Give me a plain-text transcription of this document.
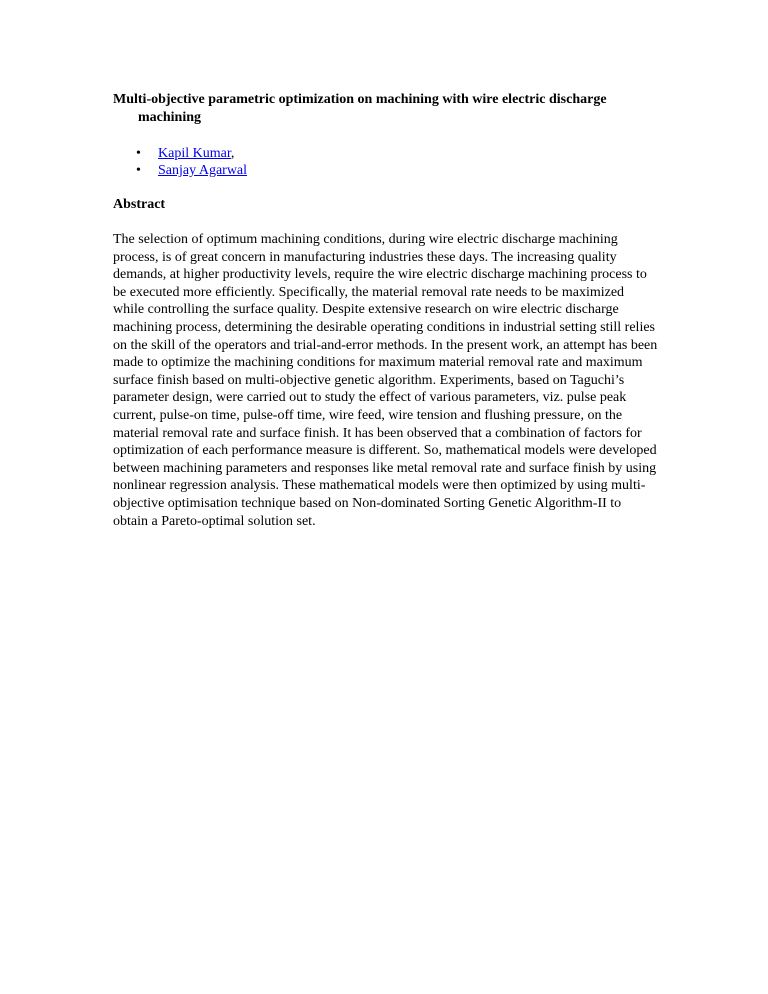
Multi-objective parametric optimization on machining with wire electric discharge machining
• Kapil Kumar,
• Sanjay Agarwal
Abstract

The selection of optimum machining conditions, during wire electric discharge machining process, is of great concern in manufacturing industries these days. The increasing quality demands, at higher productivity levels, require the wire electric discharge machining process to be executed more efficiently. Specifically, the material removal rate needs to be maximized while controlling the surface quality. Despite extensive research on wire electric discharge machining process, determining the desirable operating conditions in industrial setting still relies on the skill of the operators and trial-and-error methods. In the present work, an attempt has been made to optimize the machining conditions for maximum material removal rate and maximum surface finish based on multi-objective genetic algorithm. Experiments, based on Taguchi’s parameter design, were carried out to study the effect of various parameters, viz. pulse peak current, pulse-on time, pulse-off time, wire feed, wire tension and flushing pressure, on the material removal rate and surface finish. It has been observed that a combination of factors for optimization of each performance measure is different. So, mathematical models were developed between machining parameters and responses like metal removal rate and surface finish by using nonlinear regression analysis. These mathematical models were then optimized by using multi-objective optimisation technique based on Non-dominated Sorting Genetic Algorithm-II to obtain a Pareto-optimal solution set.
